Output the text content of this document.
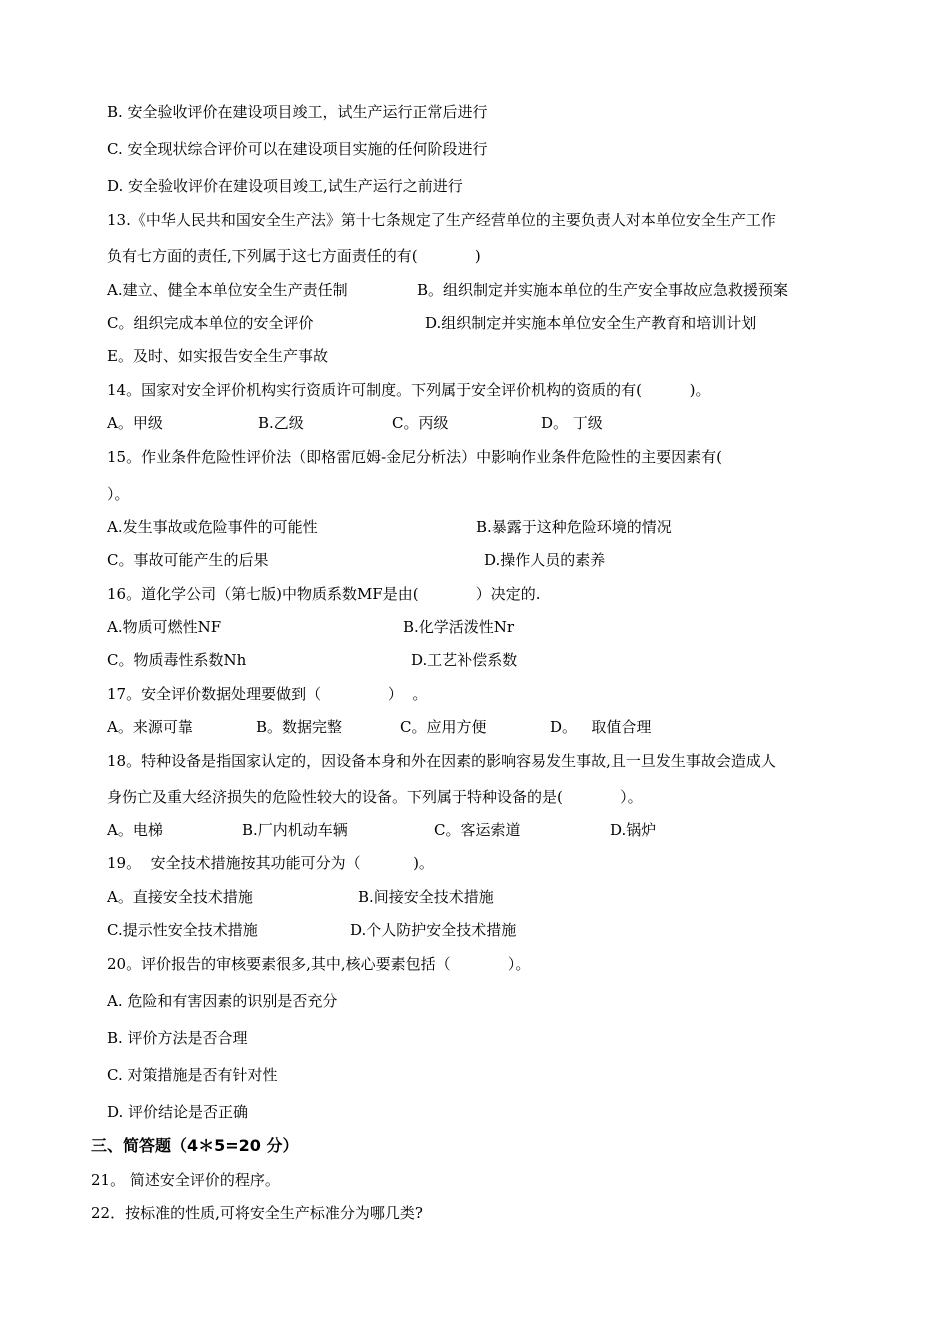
B. 安全验收评价在建设项目竣工，试生产运行正常后进行
C. 安全现状综合评价可以在建设项目实施的任何阶段进行
D. 安全验收评价在建设项目竣工,试生产运行之前进行
13.《中华人民共和国安全生产法》第十七条规定了生产经营单位的主要负责人对本单位安全生产工作
负有七方面的责任,下列属于这七方面责任的有(            )
A.建立、健全本单位安全生产责任制	B。组织制定并实施本单位的生产安全事故应急救援预案
C。组织完成本单位的安全评价	D.组织制定并实施本单位安全生产教育和培训计划
E。及时、如实报告安全生产事故
14。国家对安全评价机构实行资质许可制度。下列属于安全评价机构的资质的有(          )。
A。甲级	B.乙级	C。丙级	D。 丁级
15。作业条件危险性评价法（即格雷厄姆-金尼分析法）中影响作业条件危险性的主要因素有(
）。
A.发生事故或危险事件的可能性	B.暴露于这种危险环境的情况
C。事故可能产生的后果	D.操作人员的素养
16。道化学公司（第七版)中物质系数MF是由(            ）决定的.
A.物质可燃性NF	B.化学活泼性Nr
C。物质毒性系数Nh	D.工艺补偿系数
17。安全评价数据处理要做到（              ）  。
A。来源可靠	B。数据完整	C。应用方便	D。   取值合理
18。特种设备是指国家认定的，因设备本身和外在因素的影响容易发生事故,且一旦发生事故会造成人
身伤亡及重大经济损失的危险性较大的设备。下列属于特种设备的是(            ）。
A。电梯	B.厂内机动车辆	C。客运索道	D.锅炉
19。  安全技术措施按其功能可分为（           )。
A。直接安全技术措施	B.间接安全技术措施
C.提示性安全技术措施	D.个人防护安全技术措施
20。评价报告的审核要素很多,其中,核心要素包括（            ）。
A. 危险和有害因素的识别是否充分
B. 评价方法是否合理
C. 对策措施是否有针对性
D. 评价结论是否正确
三、简答题（4＊5=20 分）
21。 简述安全评价的程序。
22．按标准的性质,可将安全生产标准分为哪几类?
